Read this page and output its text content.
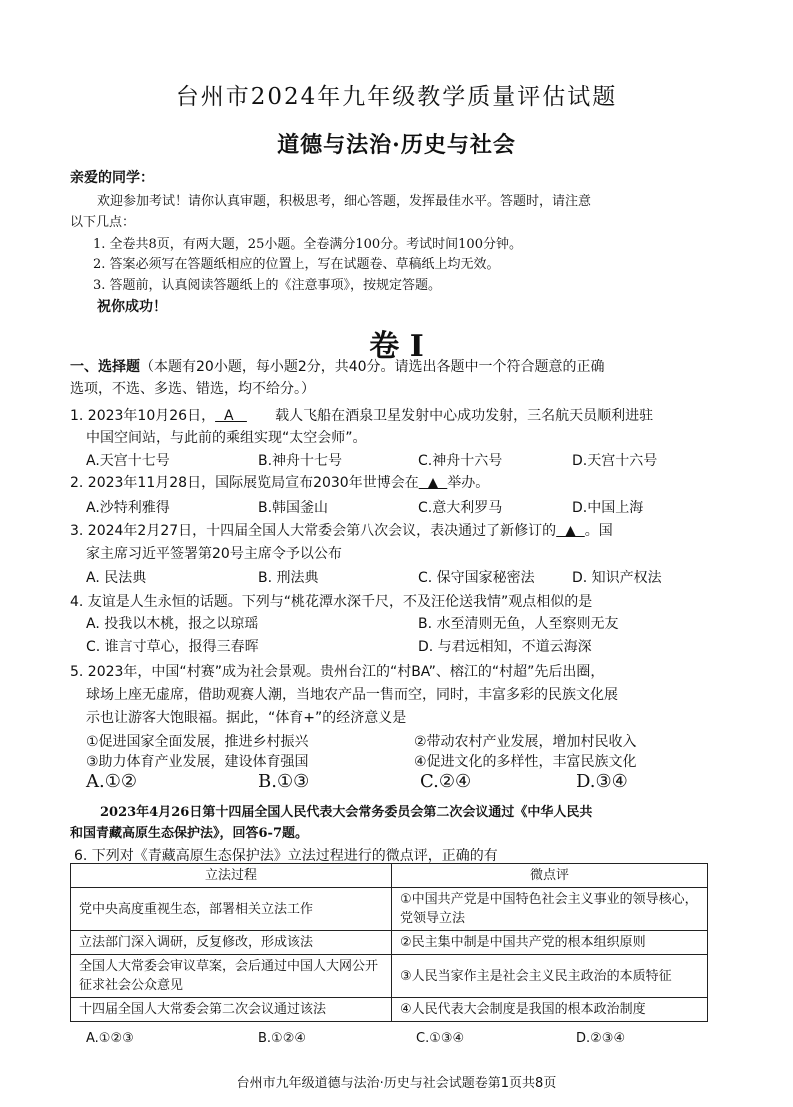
台州市2024年九年级教学质量评估试题
道德与法治·历史与社会
亲爱的同学：
欢迎参加考试！请你认真审题，积极思考，细心答题，发挥最佳水平。答题时，请注意
以下几点：
1. 全卷共8页，有两大题，25小题。全卷满分100分。考试时间100分钟。
2. 答案必须写在答题纸相应的位置上，写在试题卷、草稿纸上均无效。
3. 答题前，认真阅读答题纸上的《注意事项》，按规定答题。
祝你成功！
卷 I
一、选择题（本题有20小题，每小题2分，共40分。请选出各题中一个符合题意的正确
选项，不选、多选、错选，均不给分。）
1. 2023年10月26日，  A   载人飞船在酒泉卫星发射中心成功发射，三名航天员顺利进驻
中国空间站，与此前的乘组实现“太空会师”。
A.天宫十七号	B.神舟十七号	C.神舟十六号	D.天宫十六号
2. 2023年11月28日，国际展览局宣布2030年世博会在  ▲  举办。
A.沙特利雅得	B.韩国釜山	C.意大利罗马	D.中国上海
3. 2024年2月27日，十四届全国人大常委会第八次会议，表决通过了新修订的  ▲  。国
家主席习近平签署第20号主席令予以公布
A. 民法典	B. 刑法典	C. 保守国家秘密法	D. 知识产权法
4. 友谊是人生永恒的话题。下列与“桃花潭水深千尺，不及汪伦送我情”观点相似的是
A. 投我以木桃，报之以琼瑶	B. 水至清则无鱼，人至察则无友
C. 谁言寸草心，报得三春晖	D. 与君远相知，不道云海深
5. 2023年，中国“村赛”成为社会景观。贵州台江的“村BA”、榕江的“村超”先后出圈，
球场上座无虚席，借助观赛人潮，当地农产品一售而空，同时，丰富多彩的民族文化展
示也让游客大饱眼福。据此，“体育+”的经济意义是
①促进国家全面发展，推进乡村振兴	②带动农村产业发展，增加村民收入
③助力体育产业发展，建设体育强国	④促进文化的多样性，丰富民族文化
A.①②	B.①③	C.②④	D.③④
2023年4月26日第十四届全国人民代表大会常务委员会第二次会议通过《中华人民共
和国青藏高原生态保护法》，回答6-7题。
6. 下列对《青藏高原生态保护法》立法过程进行的微点评，正确的有
立法过程	微点评
党中央高度重视生态，部署相关立法工作	①中国共产党是中国特色社会主义事业的领导核心，党领导立法
立法部门深入调研，反复修改，形成该法	②民主集中制是中国共产党的根本组织原则
全国人大常委会审议草案，会后通过中国人大网公开征求社会公众意见	③人民当家作主是社会主义民主政治的本质特征
十四届全国人大常委会第二次会议通过该法	④人民代表大会制度是我国的根本政治制度
A.①②③	B.①②④	C.①③④	D.②③④
台州市九年级道德与法治·历史与社会试题卷第1页共8页
